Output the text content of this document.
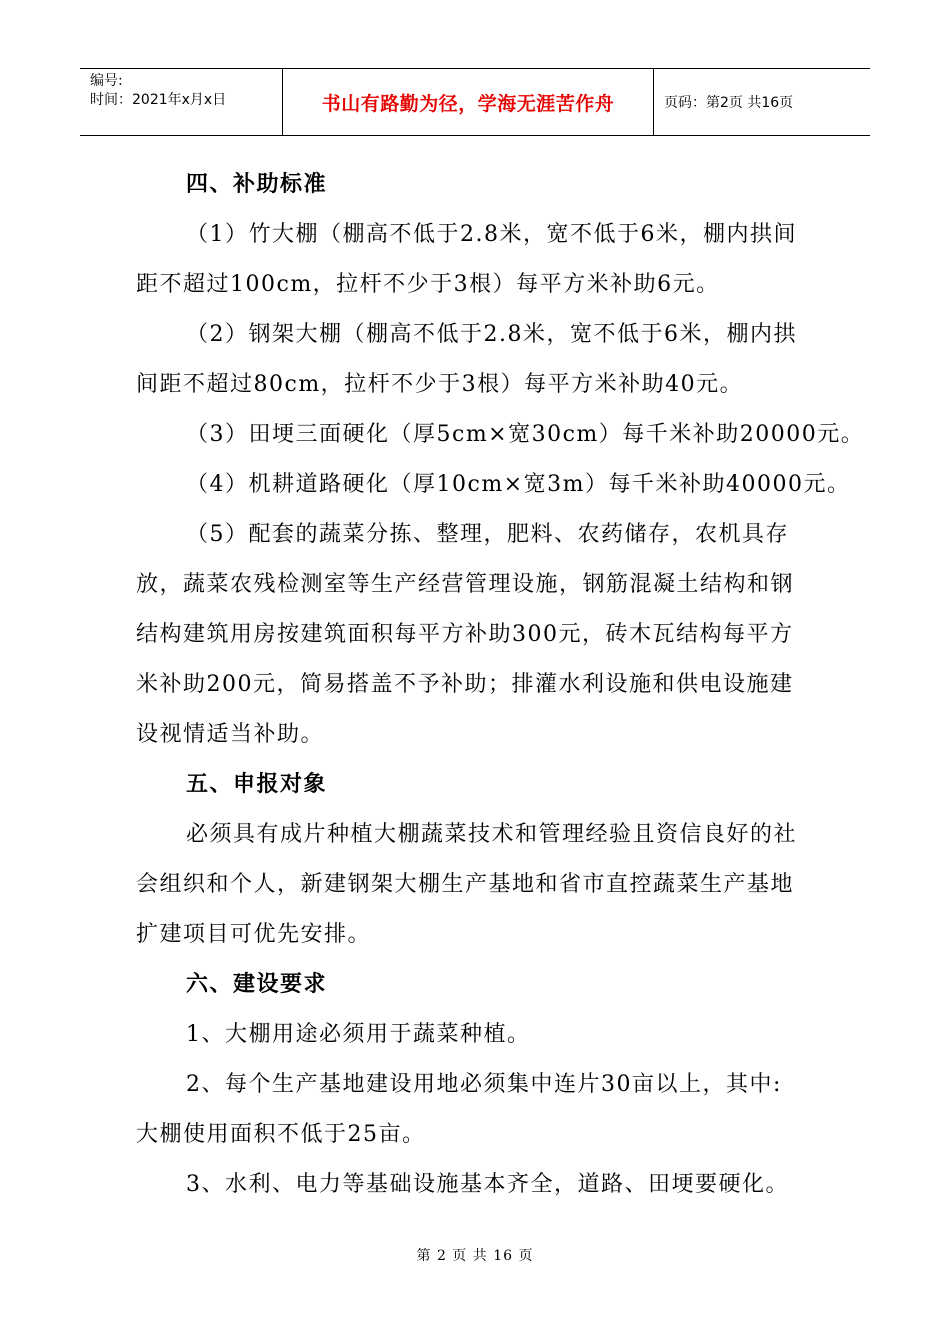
编号:
时间：2021年x月x日	书山有路勤为径，学海无涯苦作舟	页码：第2页 共16页
四、补助标准
（1）竹大棚（棚高不低于2.8米，宽不低于6米，棚内拱间
距不超过100cm，拉杆不少于3根）每平方米补助6元。
（2）钢架大棚（棚高不低于2.8米，宽不低于6米，棚内拱
间距不超过80cm，拉杆不少于3根）每平方米补助40元。
（3）田埂三面硬化（厚5cm×宽30cm）每千米补助20000元。
（4）机耕道路硬化（厚10cm×宽3m）每千米补助40000元。
（5）配套的蔬菜分拣、整理，肥料、农药储存，农机具存
放，蔬菜农残检测室等生产经营管理设施，钢筋混凝土结构和钢
结构建筑用房按建筑面积每平方补助300元，砖木瓦结构每平方
米补助200元，简易搭盖不予补助；排灌水利设施和供电设施建
设视情适当补助。
五、申报对象
必须具有成片种植大棚蔬菜技术和管理经验且资信良好的社
会组织和个人，新建钢架大棚生产基地和省市直控蔬菜生产基地
扩建项目可优先安排。
六、建设要求
1、大棚用途必须用于蔬菜种植。
2、每个生产基地建设用地必须集中连片30亩以上，其中:
大棚使用面积不低于25亩。
3、水利、电力等基础设施基本齐全，道路、田埂要硬化。
第 2 页 共 16 页
